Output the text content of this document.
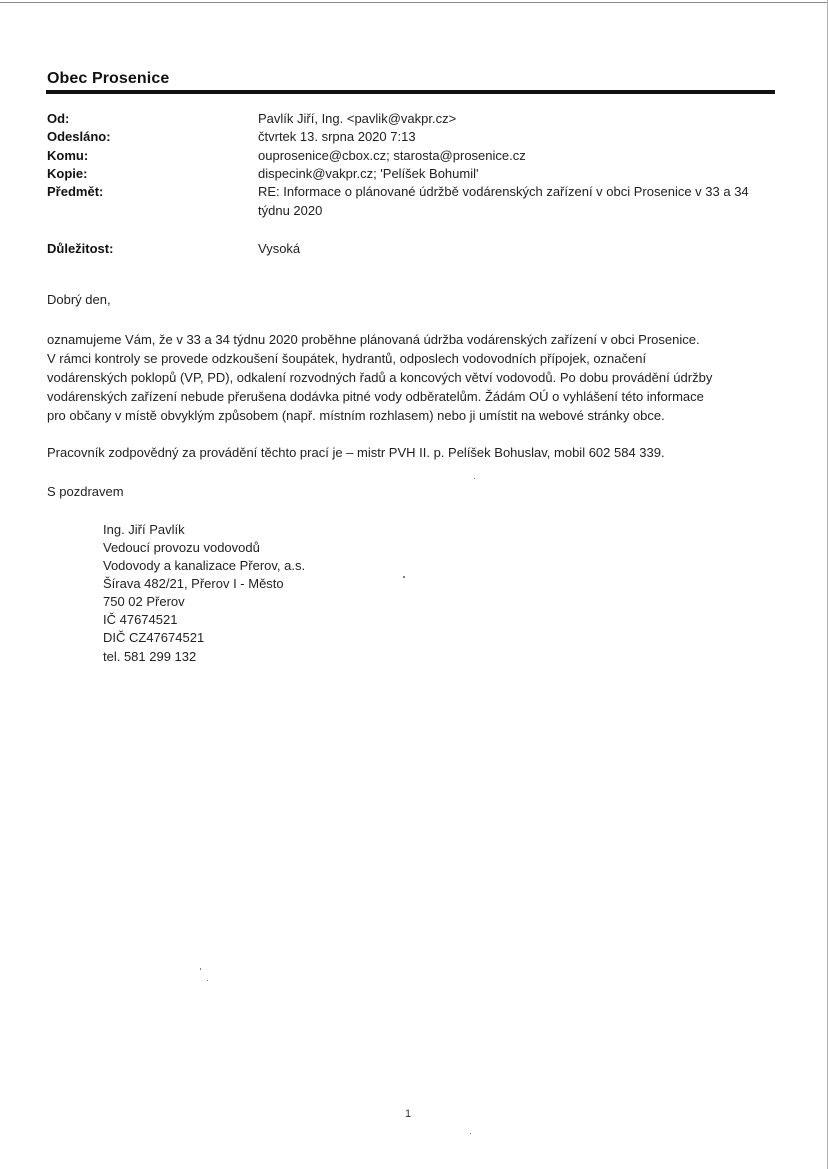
Obec Prosenice
Od:	Pavlík Jiří, Ing. <pavlik@vakpr.cz>
Odesláno:	čtvrtek 13. srpna 2020 7:13
Komu:	ouprosenice@cbox.cz; starosta@prosenice.cz
Kopie:	dispecink@vakpr.cz; 'Pelíšek Bohumil'
Předmět:	RE: Informace o plánované údržbě vodárenských zařízení v obci Prosenice v 33 a 34
týdnu 2020
Důležitost:	Vysoká
Dobrý den,
oznamujeme Vám, že v 33 a 34 týdnu 2020 proběhne plánovaná údržba vodárenských zařízení v obci Prosenice.
V rámci kontroly se provede odzkoušení šoupátek, hydrantů, odposlech vodovodních přípojek, označení
vodárenských poklopů (VP, PD), odkalení rozvodných řadů a koncových větví vodovodů. Po dobu provádění údržby
vodárenských zařízení nebude přerušena dodávka pitné vody odběratelům. Žádám OÚ o vyhlášení této informace
pro občany v místě obvyklým způsobem (např. místním rozhlasem) nebo ji umístit na webové stránky obce.
Pracovník zodpovědný za provádění těchto prací je – mistr PVH II. p. Pelíšek Bohuslav, mobil 602 584 339.
S pozdravem
Ing. Jiří Pavlík
Vedoucí provozu vodovodů
Vodovody a kanalizace Přerov, a.s.
Šírava 482/21, Přerov I - Město
750 02 Přerov
IČ 47674521
DIČ CZ47674521
tel. 581 299 132
1
